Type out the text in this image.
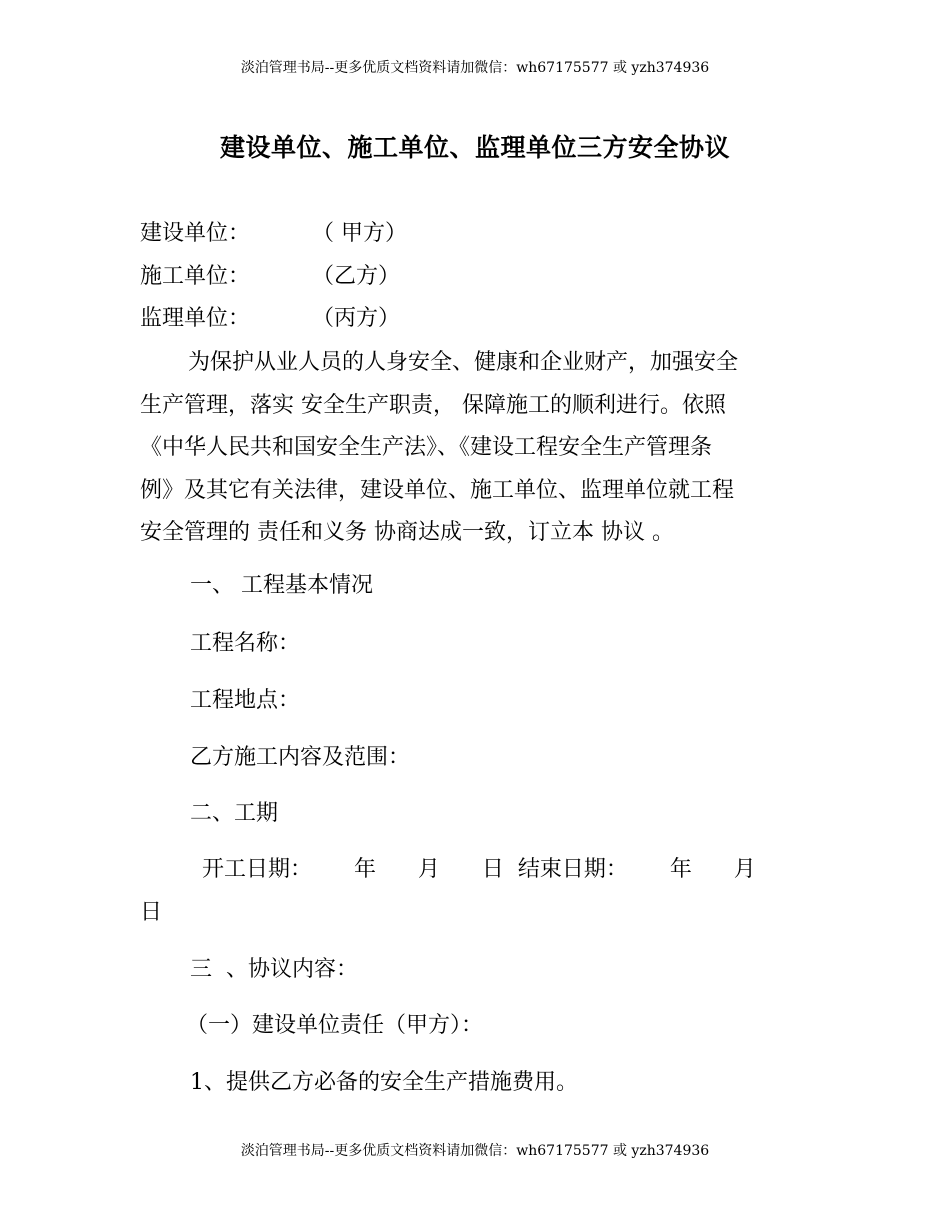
淡泊管理书局--更多优质文档资料请加微信：wh67175577 或 yzh374936
建设单位、施工单位、监理单位三方安全协议
建设单位：	（ 甲方）
施工单位：	（乙方）
监理单位：	（丙方）
为保护从业人员的人身安全、健康和企业财产，加强安全
生产管理，落实 安全生产职责， 保障施工的顺利进行。依照
《中华人民共和国安全生产法》、《建设工程安全生产管理条
例》及其它有关法律，建设单位、施工单位、监理单位就工程
安全管理的 责任和义务 协商达成一致，订立本 协议 。
一、 工程基本情况
工程名称：
工程地点：
乙方施工内容及范围：
二、工期
开工日期：      年      月      日  结束日期：      年      月
日
三  、协议内容：
（一）建设单位责任（甲方）：
1、提供乙方必备的安全生产措施费用。
淡泊管理书局--更多优质文档资料请加微信：wh67175577 或 yzh374936
